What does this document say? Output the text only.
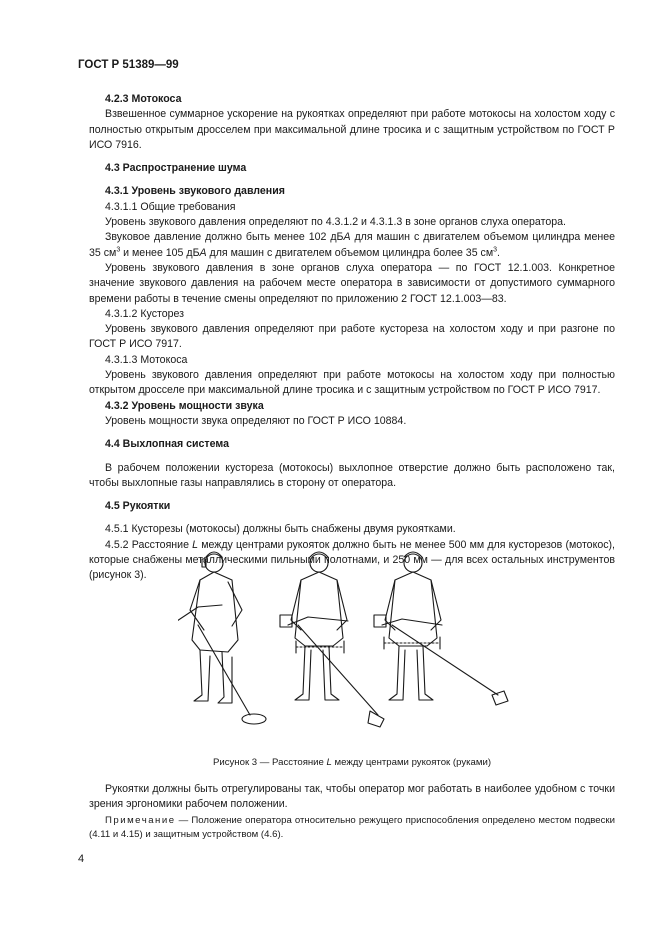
ГОСТ Р 51389—99
4.2.3 Мотокоса
Взвешенное суммарное ускорение на рукоятках определяют при работе мотокосы на холостом ходу с полностью открытым дросселем при максимальной длине тросика и с защитным устройством по ГОСТ Р ИСО 7916.
4.3 Распространение шума
4.3.1 Уровень звукового давления
4.3.1.1 Общие требования
Уровень звукового давления определяют по 4.3.1.2 и 4.3.1.3 в зоне органов слуха оператора.
Звуковое давление должно быть менее 102 дБА для машин с двигателем объемом цилиндра менее 35 $см^3$ и менее 105 дБА для машин с двигателем объемом цилиндра более 35 $см^3$.
Уровень звукового давления в зоне органов слуха оператора — по ГОСТ 12.1.003. Конкретное значение звукового давления на рабочем месте оператора в зависимости от допустимого суммарного времени работы в течение смены определяют по приложению 2 ГОСТ 12.1.003—83.
4.3.1.2 Кусторез
Уровень звукового давления определяют при работе кустореза на холостом ходу и при разгоне по ГОСТ Р ИСО 7917.
4.3.1.3 Мотокоса
Уровень звукового давления определяют при работе мотокосы на холостом ходу при полностью открытом дросселе при максимальной длине тросика и с защитным устройством по ГОСТ Р ИСО 7917.
4.3.2 Уровень мощности звука
Уровень мощности звука определяют по ГОСТ Р ИСО 10884.
4.4 Выхлопная система
В рабочем положении кустореза (мотокосы) выхлопное отверстие должно быть расположено так, чтобы выхлопные газы направлялись в сторону от оператора.
4.5 Рукоятки
4.5.1 Кусторезы (мотокосы) должны быть снабжены двумя рукоятками.
4.5.2 Расстояние L между центрами рукояток должно быть не менее 500 мм для кусторезов (мотокос), которые снабжены металлическими пильными полотнами, и 250 мм — для всех остальных инструментов (рисунок 3).
Рисунок 3 — Расстояние L между центрами рукояток (руками)
Рукоятки должны быть отрегулированы так, чтобы оператор мог работать в наиболее удобном с точки зрения эргономики рабочем положении.
Примечание — Положение оператора относительно режущего приспособления определено местом подвески (4.11 и 4.15) и защитным устройством (4.6).
4
